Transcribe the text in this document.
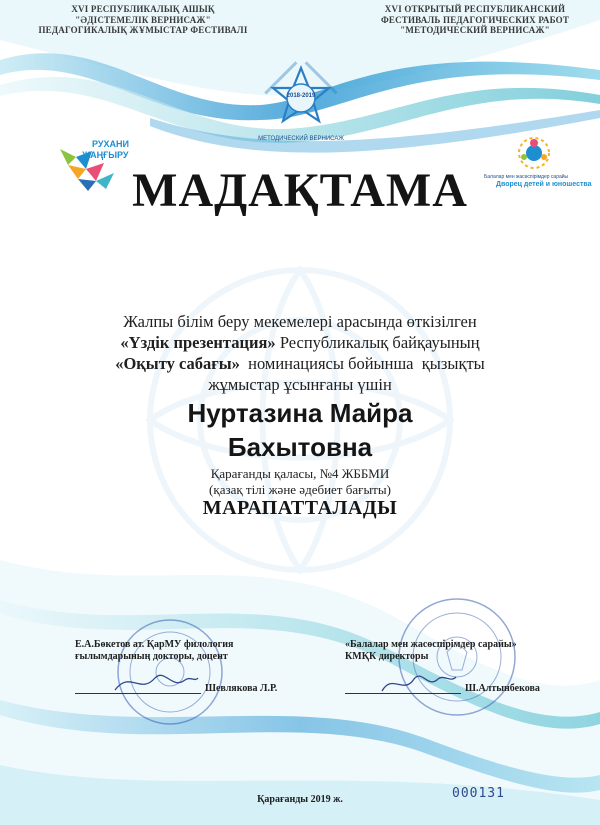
XVI РЕСПУБЛИКАЛЫҚ АШЫҚ
"ӘДІСТЕМЕЛІК ВЕРНИСАЖ"
ПЕДАГОГИКАЛЫҚ ЖҰМЫСТАР ФЕСТИВАЛІ
XVI ОТКРЫТЫЙ РЕСПУБЛИКАНСКИЙ
ФЕСТИВАЛЬ ПЕДАГОГИЧЕСКИХ РАБОТ
"МЕТОДИЧЕСКИЙ ВЕРНИСАЖ"
2018-2019
МЕТОДИЧЕСКИЙ ВЕРНИСАЖ
РУХАНИ
ЖАҢҒЫРУ
Балалар мен жасөспірімдер сарайы
Дворец детей и юношества
МАДАҚТАМА
Жалпы білім беру мекемелері арасында өткізілген
«Үздік презентация» Республикалық байқауының
«Оқыту сабағы»  номинациясы бойынша  қызықты
жұмыстар ұсынғаны үшін
Нуртазина Майра
Бахытовна
Қарағанды қаласы, №4 ЖББМИ
(қазақ тілі және әдебиет бағыты)
МАРАПАТТАЛАДЫ
Е.А.Бөкетов ат. ҚарМУ филология
ғылымдарының докторы, доцент
Шевлякова Л.Р.
«Балалар мен жасөспірімдер сарайы»
КМҚК директоры
Ш.Алтынбекова
Қарағанды 2019 ж.	000131
